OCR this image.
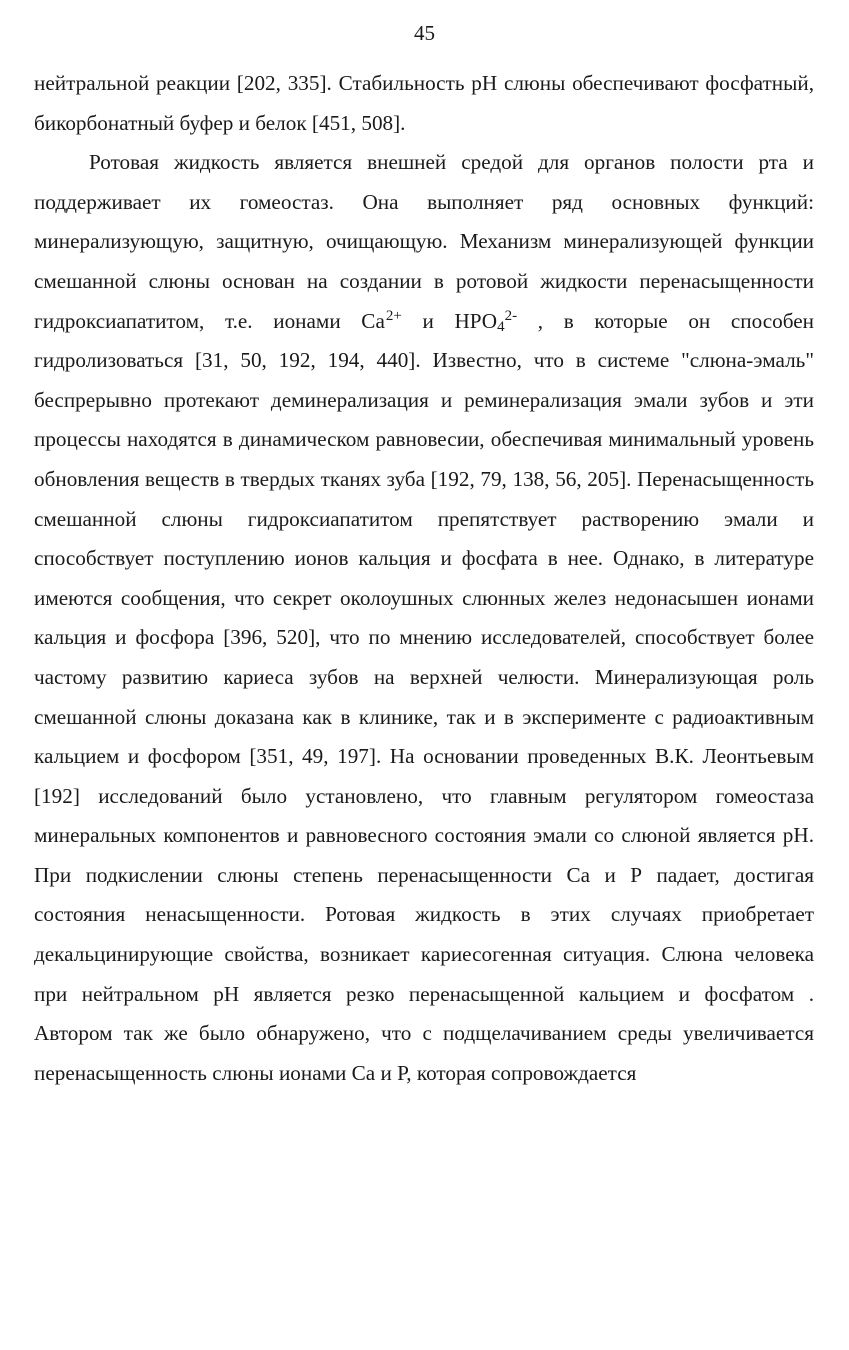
45

нейтральной реакции [202, 335]. Стабильность рН слюны обеспечивают фосфатный, бикорбонатный буфер и белок [451, 508].

Ротовая жидкость является внешней средой для органов полости рта и поддерживает их гомеостаз. Она выполняет ряд основных функций: минерализующую, защитную, очищающую. Механизм минерализующей функции смешанной слюны основан на создании в ротовой жидкости перенасыщенности гидроксиапатитом, т.е. ионами $Са^{2+}$ и $НРО_4^{2-}$ , в которые он способен гидролизоваться [31, 50, 192, 194, 440]. Известно, что в системе "слюна-эмаль" беспрерывно протекают деминерализация и реминерализация эмали зубов и эти процессы находятся в динамическом равновесии, обеспечивая минимальный уровень обновления веществ в твердых тканях зуба [192, 79, 138, 56, 205]. Перенасыщенность смешанной слюны гидроксиапатитом препятствует растворению эмали и способствует поступлению ионов кальция и фосфата в нее. Однако, в литературе имеются сообщения, что секрет околоушных слюнных желез недонасышен ионами кальция и фосфора [396, 520], что по мнению исследователей, способствует более частому развитию кариеса зубов на верхней челюсти. Минерализующая роль смешанной слюны доказана как в клинике, так и в эксперименте с радиоактивным кальцием и фосфором [351, 49, 197]. На основании проведенных В.К. Леонтьевым [192] исследований было установлено, что главным регулятором гомеостаза минеральных компонентов и равновесного состояния эмали со слюной является рН. При подкислении слюны степень перенасыщенности Са и Р падает, достигая состояния ненасыщенности. Ротовая жидкость в этих случаях приобретает декальцинирующие свойства, возникает кариесогенная ситуация. Слюна человека при нейтральном рН является резко перенасыщенной кальцием и фосфатом . Автором так же было обнаружено, что с подщелачиванием среды увеличивается перенасыщенность слюны ионами Са и Р, которая сопровождается
